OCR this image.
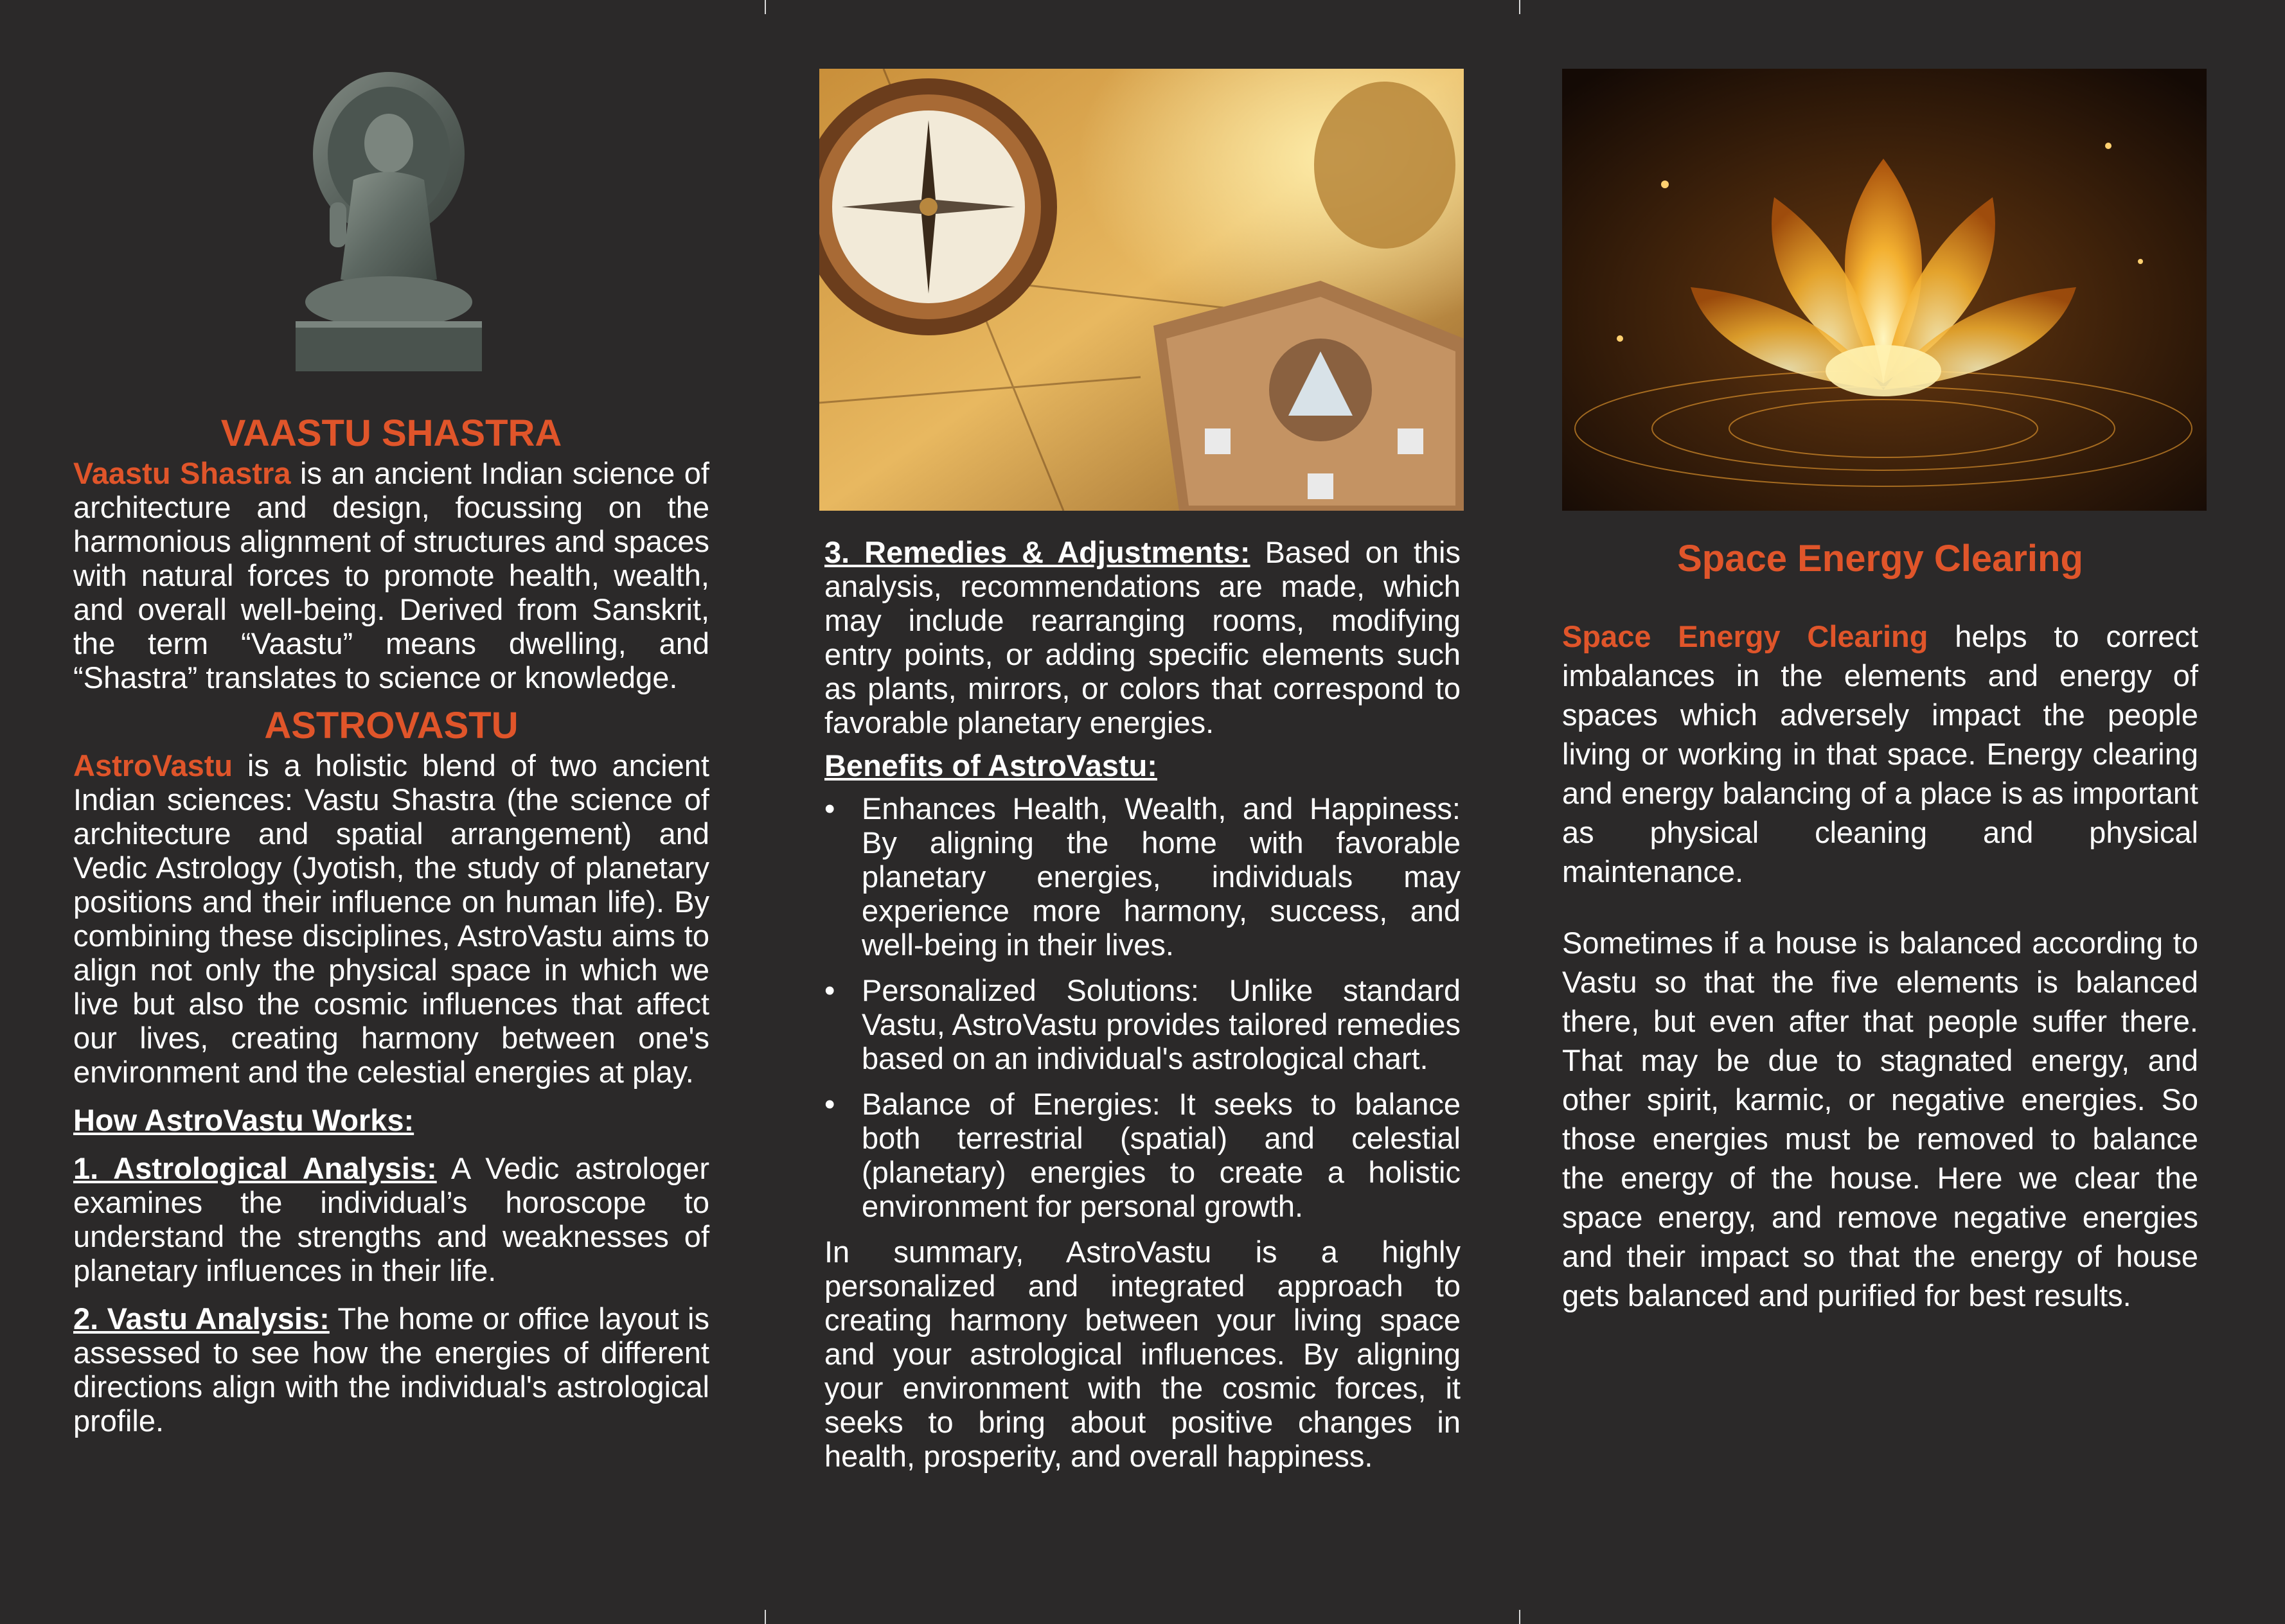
VAASTU SHASTRA

Vaastu Shastra is an ancient Indian science of architecture and design, focussing on the harmonious alignment of structures and spaces with natural forces to promote health, wealth, and overall well-being. Derived from Sanskrit, the term “Vaastu” means dwelling, and “Shastra” translates to science or knowledge.

ASTROVASTU

AstroVastu is a holistic blend of two ancient Indian sciences: Vastu Shastra (the science of architecture and spatial arrangement) and Vedic Astrology (Jyotish, the study of planetary positions and their influence on human life). By combining these disciplines, AstroVastu aims to align not only the physical space in which we live but also the cosmic influences that affect our lives, creating harmony between one's environment and the celestial energies at play.

How AstroVastu Works:

1. Astrological Analysis: A Vedic astrologer examines the individual’s horoscope to understand the strengths and weaknesses of planetary influences in their life.

2. Vastu Analysis: The home or office layout is assessed to see how the energies of different directions align with the individual's astrological profile.

3. Remedies & Adjustments: Based on this analysis, recommendations are made, which may include rearranging rooms, modifying entry points, or adding specific elements such as plants, mirrors, or colors that correspond to favorable planetary energies.

Benefits of AstroVastu:

• Enhances Health, Wealth, and Happiness: By aligning the home with favorable planetary energies, individuals may experience more harmony, success, and well-being in their lives.
• Personalized Solutions: Unlike standard Vastu, AstroVastu provides tailored remedies based on an individual's astrological chart.
• Balance of Energies: It seeks to balance both terrestrial (spatial) and celestial (planetary) energies to create a holistic environment for personal growth.

In summary, AstroVastu is a highly personalized and integrated approach to creating harmony between your living space and your astrological influences. By aligning your environment with the cosmic forces, it seeks to bring about positive changes in health, prosperity, and overall happiness.

Space Energy Clearing

Space Energy Clearing helps to correct imbalances in the elements and energy of spaces which adversely impact the people living or working in that space. Energy clearing and energy balancing of a place is as important as physical cleaning and physical maintenance.

Sometimes if a house is balanced according to Vastu so that the five elements is balanced there, but even after that people suffer there. That may be due to stagnated energy, and other spirit, karmic, or negative energies. So those energies must be removed to balance the energy of the house. Here we clear the space energy, and remove negative energies and their impact so that the energy of house gets balanced and purified for best results.
